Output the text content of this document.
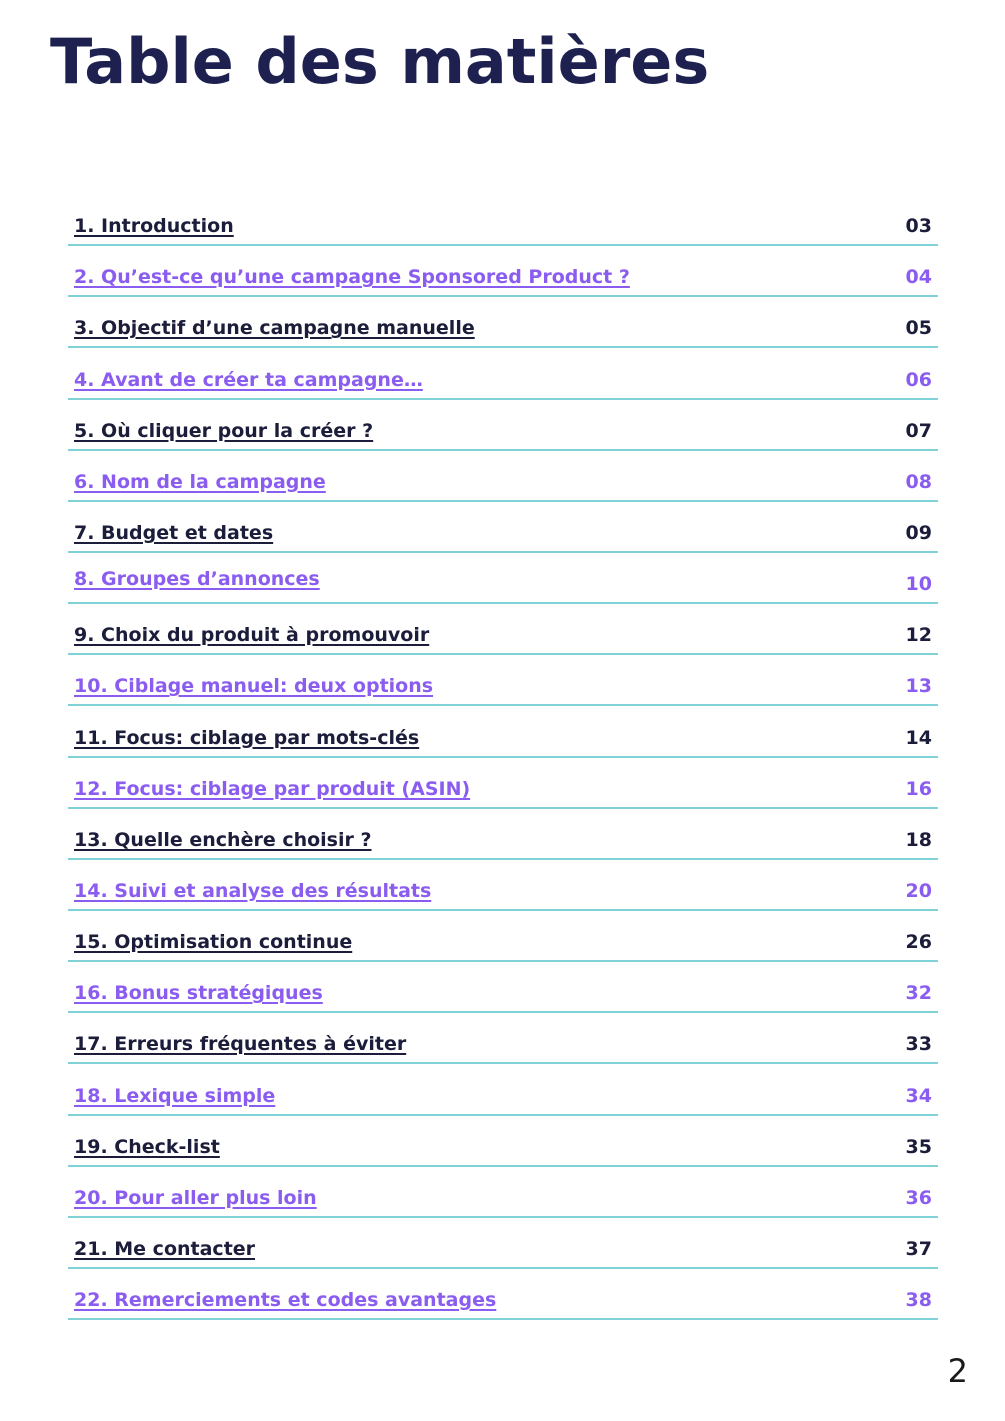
Table des matières
1. Introduction	03
2. Qu’est-ce qu’une campagne Sponsored Product ?	04
3. Objectif d’une campagne manuelle	05
4. Avant de créer ta campagne…	06
5. Où cliquer pour la créer ?	07
6. Nom de la campagne	08
7. Budget et dates	09
8. Groupes d’annonces	10
9. Choix du produit à promouvoir	12
10. Ciblage manuel: deux options	13
11. Focus: ciblage par mots-clés	14
12. Focus: ciblage par produit (ASIN)	16
13. Quelle enchère choisir ?	18
14. Suivi et analyse des résultats	20
15. Optimisation continue	26
16. Bonus stratégiques	32
17. Erreurs fréquentes à éviter	33
18. Lexique simple	34
19. Check-list	35
20. Pour aller plus loin	36
21. Me contacter	37
22. Remerciements et codes avantages	38
2
